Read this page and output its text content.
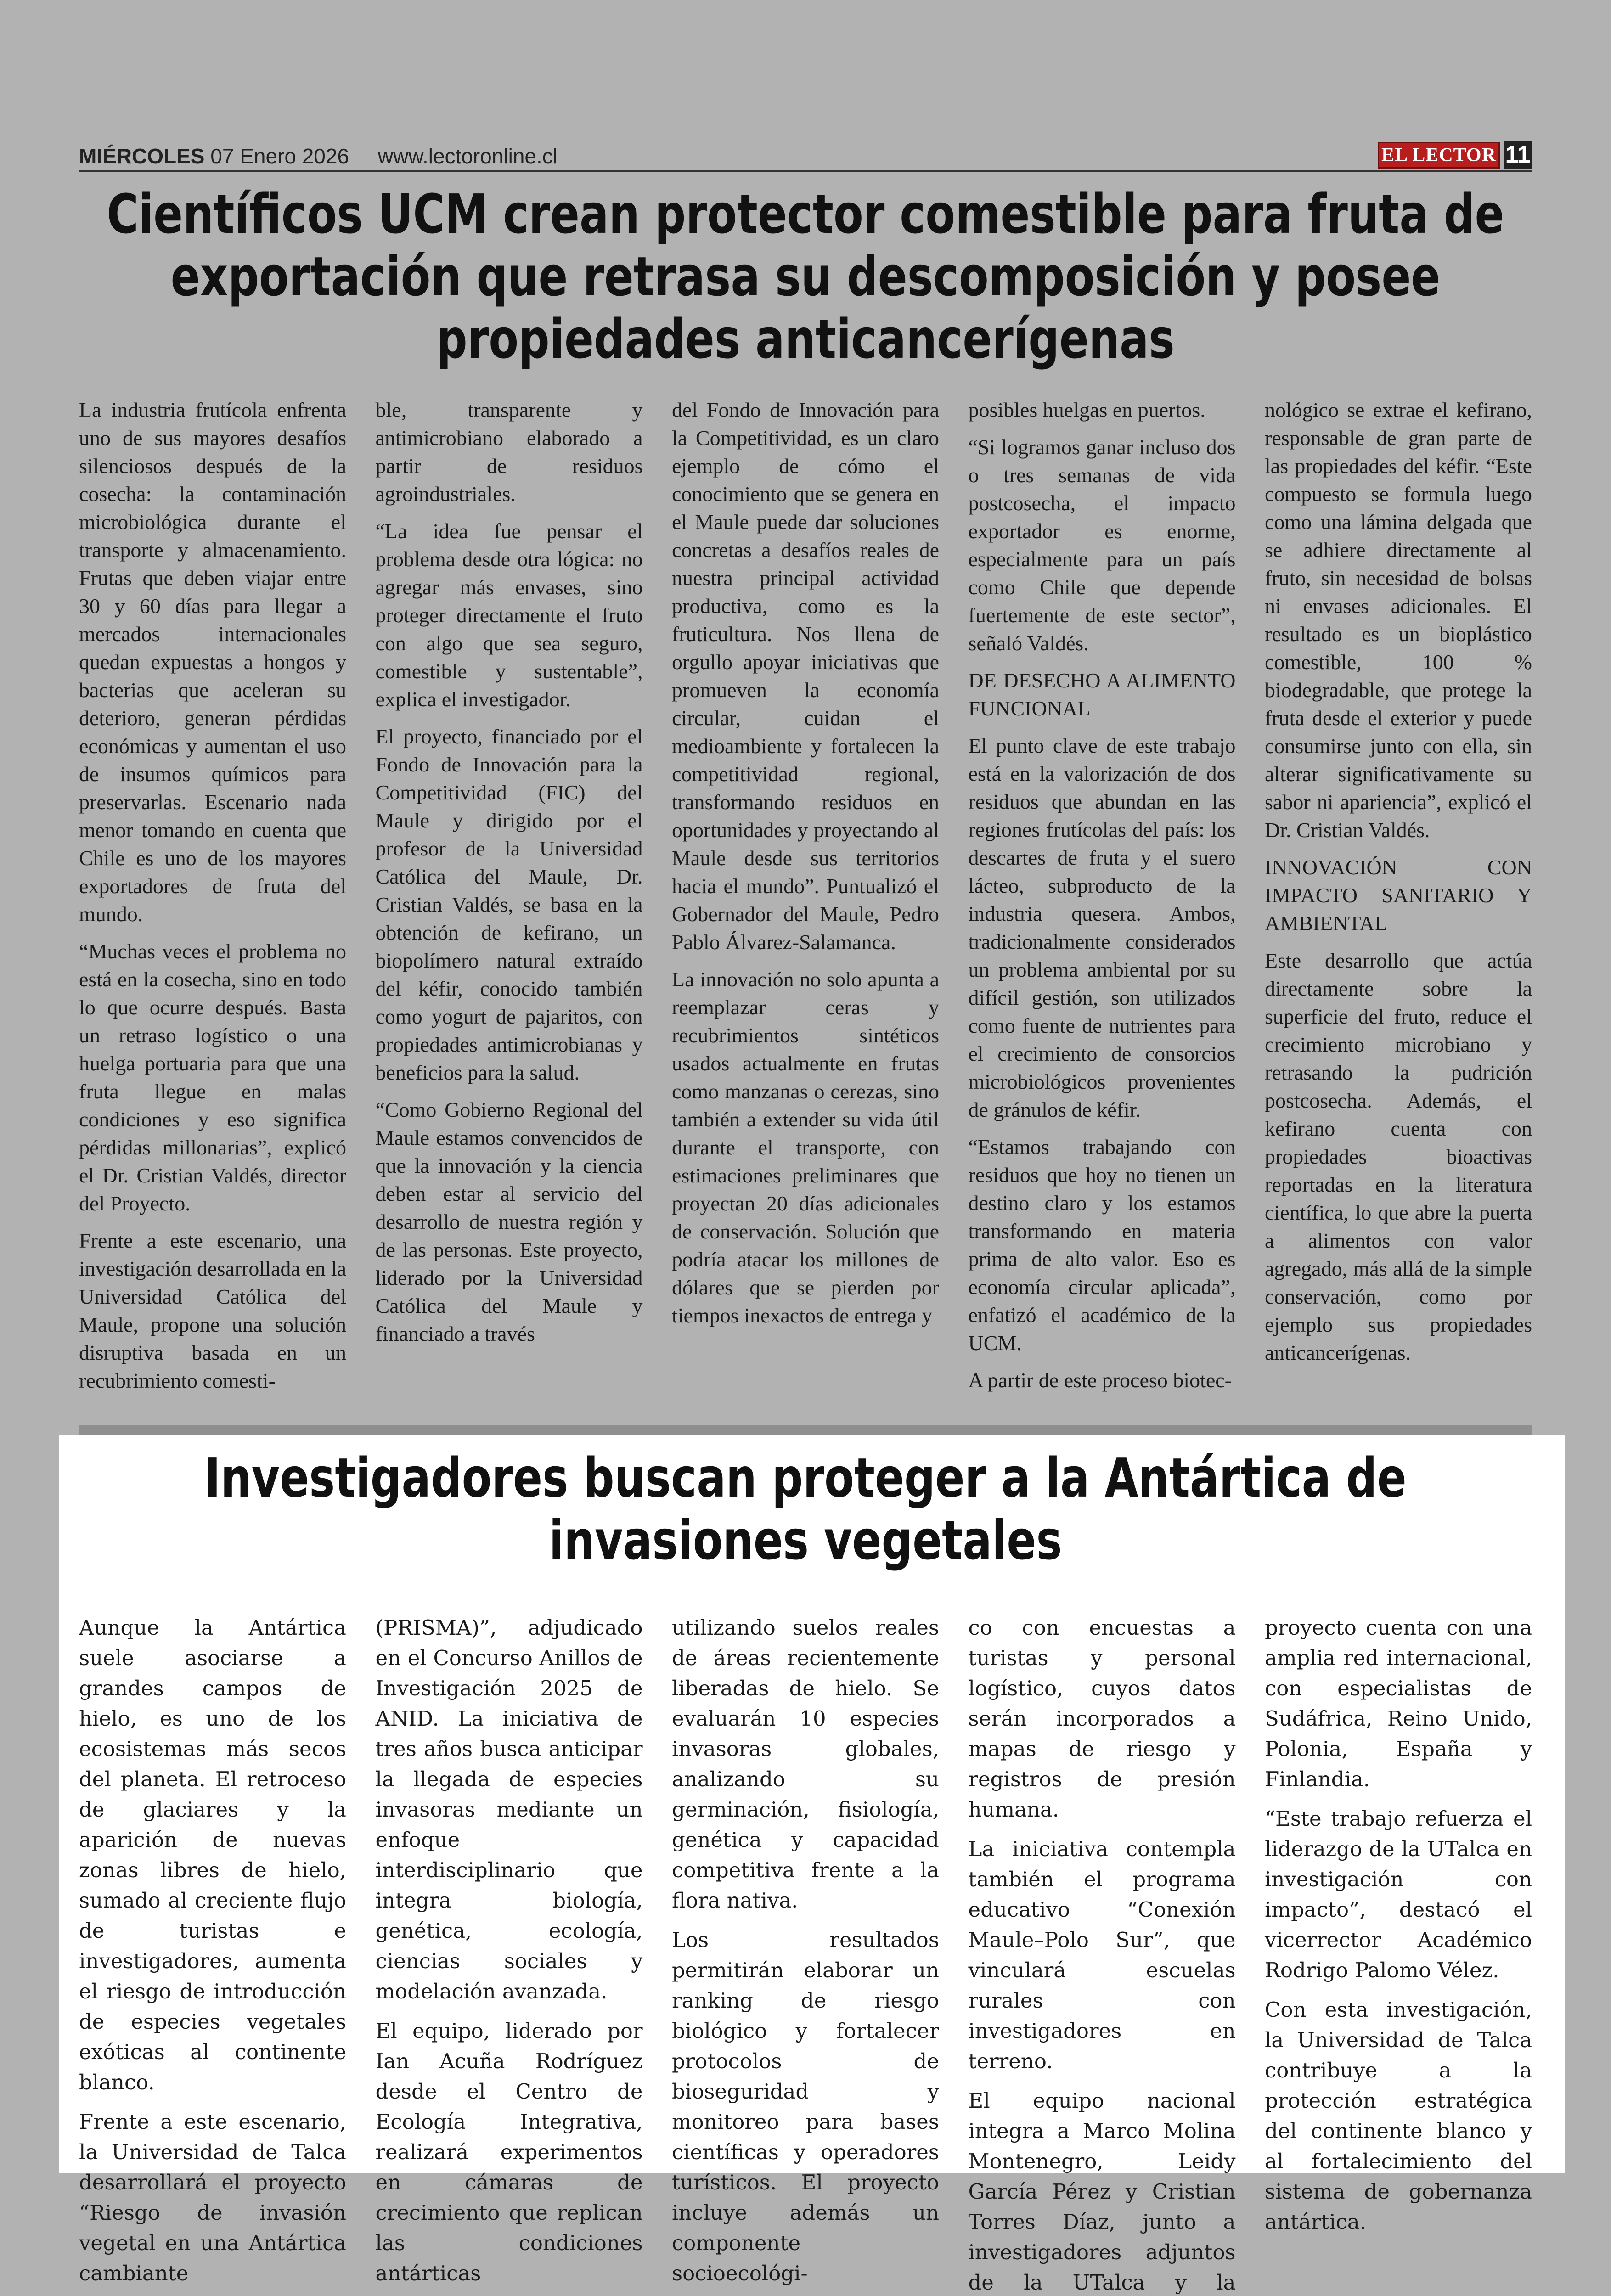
MIÉRCOLES 07 Enero 2026 www.lectoronline.cl	EL LECTOR 11
Científicos UCM crean protector comestible para fruta de exportación que retrasa su descomposición y posee propiedades anticancerígenas

La industria frutícola enfrenta uno de sus mayores desafíos silenciosos después de la cosecha: la contaminación microbiológica durante el transporte y almacenamiento. Frutas que deben viajar entre 30 y 60 días para llegar a mercados internacionales quedan expuestas a hongos y bacterias que aceleran su deterioro, generan pérdidas económicas y aumentan el uso de insumos químicos para preservarlas. Escenario nada menor tomando en cuenta que Chile es uno de los mayores exportadores de fruta del mundo.

“Muchas veces el problema no está en la cosecha, sino en todo lo que ocurre después. Basta un retraso logístico o una huelga portuaria para que una fruta llegue en malas condiciones y eso significa pérdidas millonarias”, explicó el Dr. Cristian Valdés, director del Proyecto.

Frente a este escenario, una investigación desarrollada en la Universidad Católica del Maule, propone una solución disruptiva basada en un recubrimiento comesti-

ble, transparente y antimicrobiano elaborado a partir de residuos agroindustriales.

“La idea fue pensar el problema desde otra lógica: no agregar más envases, sino proteger directamente el fruto con algo que sea seguro, comestible y sustentable”, explica el investigador.

El proyecto, financiado por el Fondo de Innovación para la Competitividad (FIC) del Maule y dirigido por el profesor de la Universidad Católica del Maule, Dr. Cristian Valdés, se basa en la obtención de kefirano, un biopolímero natural extraído del kéfir, conocido también como yogurt de pajaritos, con propiedades antimicrobianas y beneficios para la salud.

“Como Gobierno Regional del Maule estamos convencidos de que la innovación y la ciencia deben estar al servicio del desarrollo de nuestra región y de las personas. Este proyecto, liderado por la Universidad Católica del Maule y financiado a través

del Fondo de Innovación para la Competitividad, es un claro ejemplo de cómo el conocimiento que se genera en el Maule puede dar soluciones concretas a desafíos reales de nuestra principal actividad productiva, como es la fruticultura. Nos llena de orgullo apoyar iniciativas que promueven la economía circular, cuidan el medioambiente y fortalecen la competitividad regional, transformando residuos en oportunidades y proyectando al Maule desde sus territorios hacia el mundo”. Puntualizó el Gobernador del Maule, Pedro Pablo Álvarez-Salamanca.

La innovación no solo apunta a reemplazar ceras y recubrimientos sintéticos usados actualmente en frutas como manzanas o cerezas, sino también a extender su vida útil durante el transporte, con estimaciones preliminares que proyectan 20 días adicionales de conservación. Solución que podría atacar los millones de dólares que se pierden por tiempos inexactos de entrega y

posibles huelgas en puertos.

“Si logramos ganar incluso dos o tres semanas de vida postcosecha, el impacto exportador es enorme, especialmente para un país como Chile que depende fuertemente de este sector”, señaló Valdés.

DE DESECHO A ALIMENTO FUNCIONAL

El punto clave de este trabajo está en la valorización de dos residuos que abundan en las regiones frutícolas del país: los descartes de fruta y el suero lácteo, subproducto de la industria quesera. Ambos, tradicionalmente considerados un problema ambiental por su difícil gestión, son utilizados como fuente de nutrientes para el crecimiento de consorcios microbiológicos provenientes de gránulos de kéfir.

“Estamos trabajando con residuos que hoy no tienen un destino claro y los estamos transformando en materia prima de alto valor. Eso es economía circular aplicada”, enfatizó el académico de la UCM.

A partir de este proceso biotec-

nológico se extrae el kefirano, responsable de gran parte de las propiedades del kéfir. “Este compuesto se formula luego como una lámina delgada que se adhiere directamente al fruto, sin necesidad de bolsas ni envases adicionales. El resultado es un bioplástico comestible, 100 % biodegradable, que protege la fruta desde el exterior y puede consumirse junto con ella, sin alterar significativamente su sabor ni apariencia”, explicó el Dr. Cristian Valdés.

INNOVACIÓN CON IMPACTO SANITARIO Y AMBIENTAL

Este desarrollo que actúa directamente sobre la superficie del fruto, reduce el crecimiento microbiano y retrasando la pudrición postcosecha. Además, el kefirano cuenta con propiedades bioactivas reportadas en la literatura científica, lo que abre la puerta a alimentos con valor agregado, más allá de la simple conservación, como por ejemplo sus propiedades anticancerígenas.

Investigadores buscan proteger a la Antártica de invasiones vegetales

Aunque la Antártica suele asociarse a grandes campos de hielo, es uno de los ecosistemas más secos del planeta. El retroceso de glaciares y la aparición de nuevas zonas libres de hielo, sumado al creciente flujo de turistas e investigadores, aumenta el riesgo de introducción de especies vegetales exóticas al continente blanco.

Frente a este escenario, la Universidad de Talca desarrollará el proyecto “Riesgo de invasión vegetal en una Antártica cambiante

(PRISMA)”, adjudicado en el Concurso Anillos de Investigación 2025 de ANID. La iniciativa de tres años busca anticipar la llegada de especies invasoras mediante un enfoque interdisciplinario que integra biología, genética, ecología, ciencias sociales y modelación avanzada.

El equipo, liderado por Ian Acuña Rodríguez desde el Centro de Ecología Integrativa, realizará experimentos en cámaras de crecimiento que replican las condiciones antárticas

utilizando suelos reales de áreas recientemente liberadas de hielo. Se evaluarán 10 especies invasoras globales, analizando su germinación, fisiología, genética y capacidad competitiva frente a la flora nativa.

Los resultados permitirán elaborar un ranking de riesgo biológico y fortalecer protocolos de bioseguridad y monitoreo para bases científicas y operadores turísticos. El proyecto incluye además un componente socioecológi-

co con encuestas a turistas y personal logístico, cuyos datos serán incorporados a mapas de riesgo y registros de presión humana.

La iniciativa contempla también el programa educativo “Conexión Maule–Polo Sur”, que vinculará escuelas rurales con investigadores en terreno.

El equipo nacional integra a Marco Molina Montenegro, Leidy García Pérez y Cristian Torres Díaz, junto a investigadores adjuntos de la UTalca y la

proyecto cuenta con una amplia red internacional, con especialistas de Sudáfrica, Reino Unido, Polonia, España y Finlandia.

“Este trabajo refuerza el liderazgo de la UTalca en investigación con impacto”, destacó el vicerrector Académico Rodrigo Palomo Vélez.

Con esta investigación, la Universidad de Talca contribuye a la protección estratégica del continente blanco y al fortalecimiento del sistema de gobernanza antártica.
